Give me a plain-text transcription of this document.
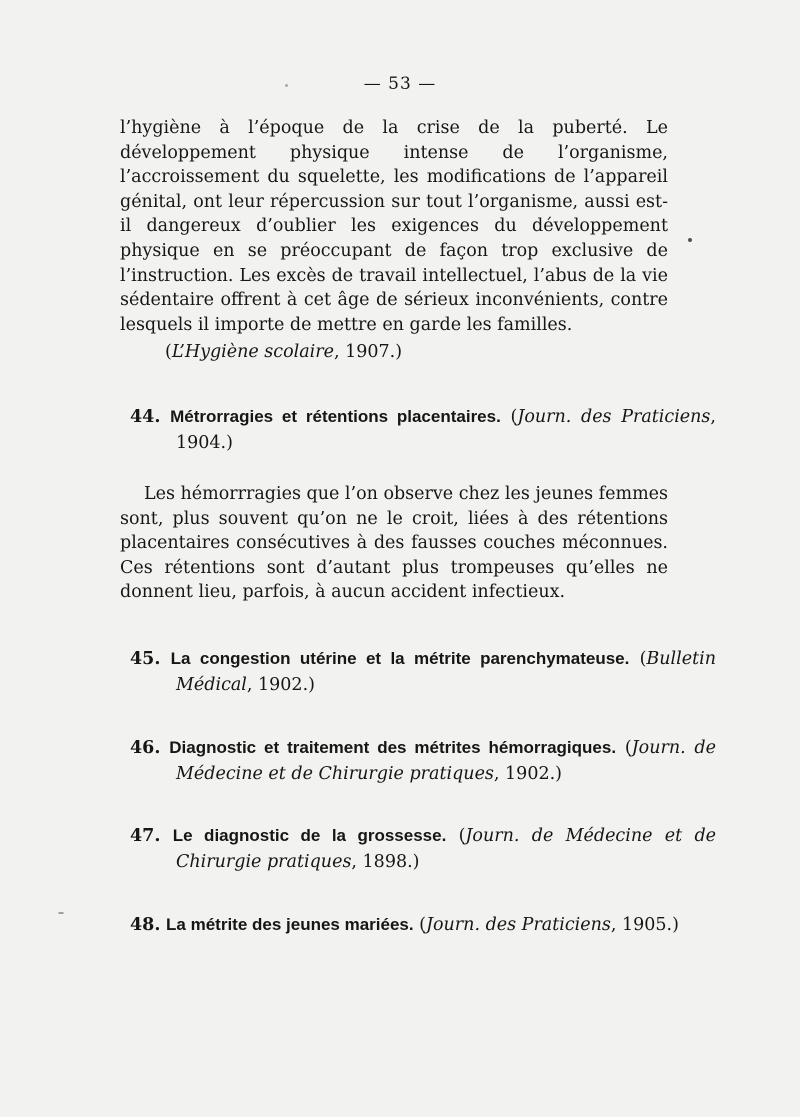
— 53 —

l’hygiène à l’époque de la crise de la puberté. Le développement physique intense de l’organisme, l’accroissement du squelette, les modifications de l’appareil génital, ont leur répercussion sur tout l’organisme, aussi est-il dangereux d’oublier les exigences du développement physique en se préoccupant de façon trop exclusive de l’instruction. Les excès de travail intellectuel, l’abus de la vie sédentaire offrent à cet âge de sérieux inconvénients, contre lesquels il importe de mettre en garde les familles.

(L’Hygiène scolaire, 1907.)

44. Métrorragies et rétentions placentaires. (Journ. des Praticiens, 1904.)

Les hémorrragies que l’on observe chez les jeunes femmes sont, plus souvent qu’on ne le croit, liées à des rétentions placentaires consécutives à des fausses couches méconnues. Ces rétentions sont d’autant plus trompeuses qu’elles ne donnent lieu, parfois, à aucun accident infectieux.

45. La congestion utérine et la métrite parenchymateuse. (Bulletin Médical, 1902.)

46. Diagnostic et traitement des métrites hémorragiques. (Journ. de Médecine et de Chirurgie pratiques, 1902.)

47. Le diagnostic de la grossesse. (Journ. de Médecine et de Chirurgie pratiques, 1898.)

48. La métrite des jeunes mariées. (Journ. des Praticiens, 1905.)
